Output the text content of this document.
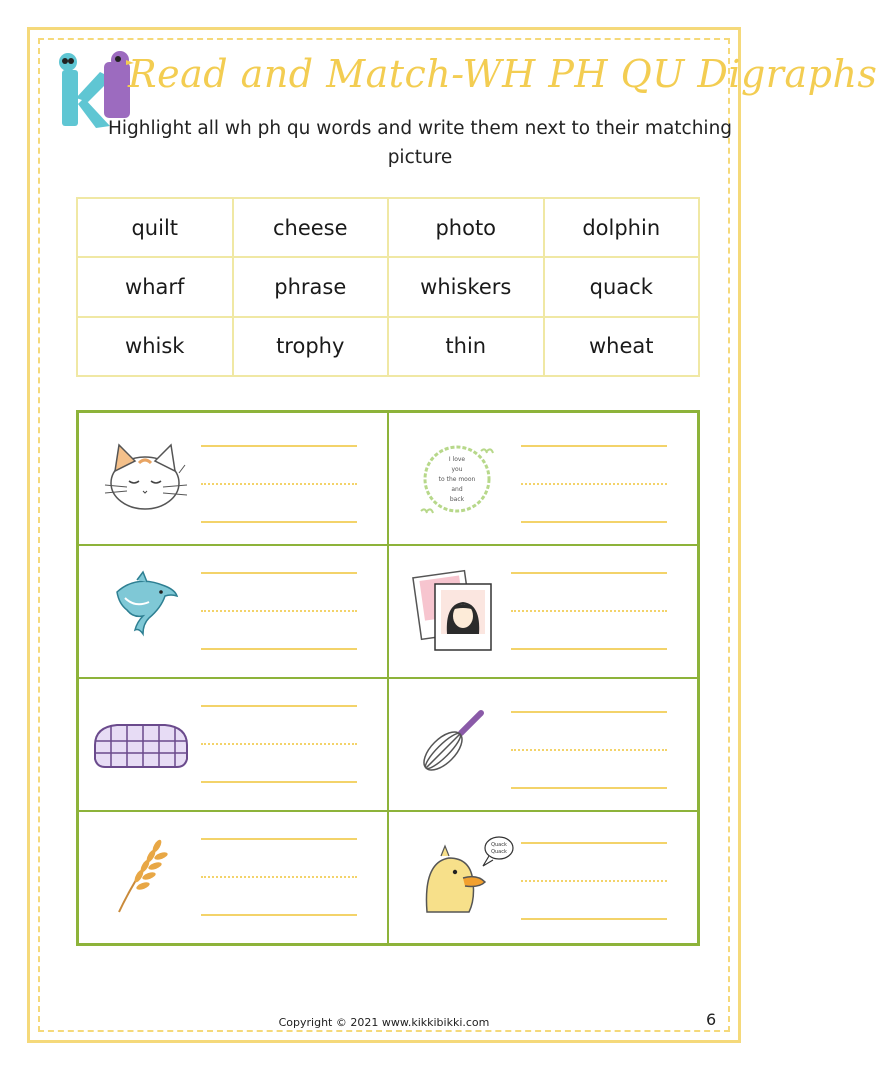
Read and Match-WH PH QU Digraphs
Highlight all wh ph qu words and write them next to their matching picture
quilt	cheese	photo	dolphin
wharf	phrase	whiskers	quack
whisk	trophy	thin	wheat
I love
you
to the moon
and
back
Quack
Quack
Copyright © 2021 www.kikkibikki.com	6
